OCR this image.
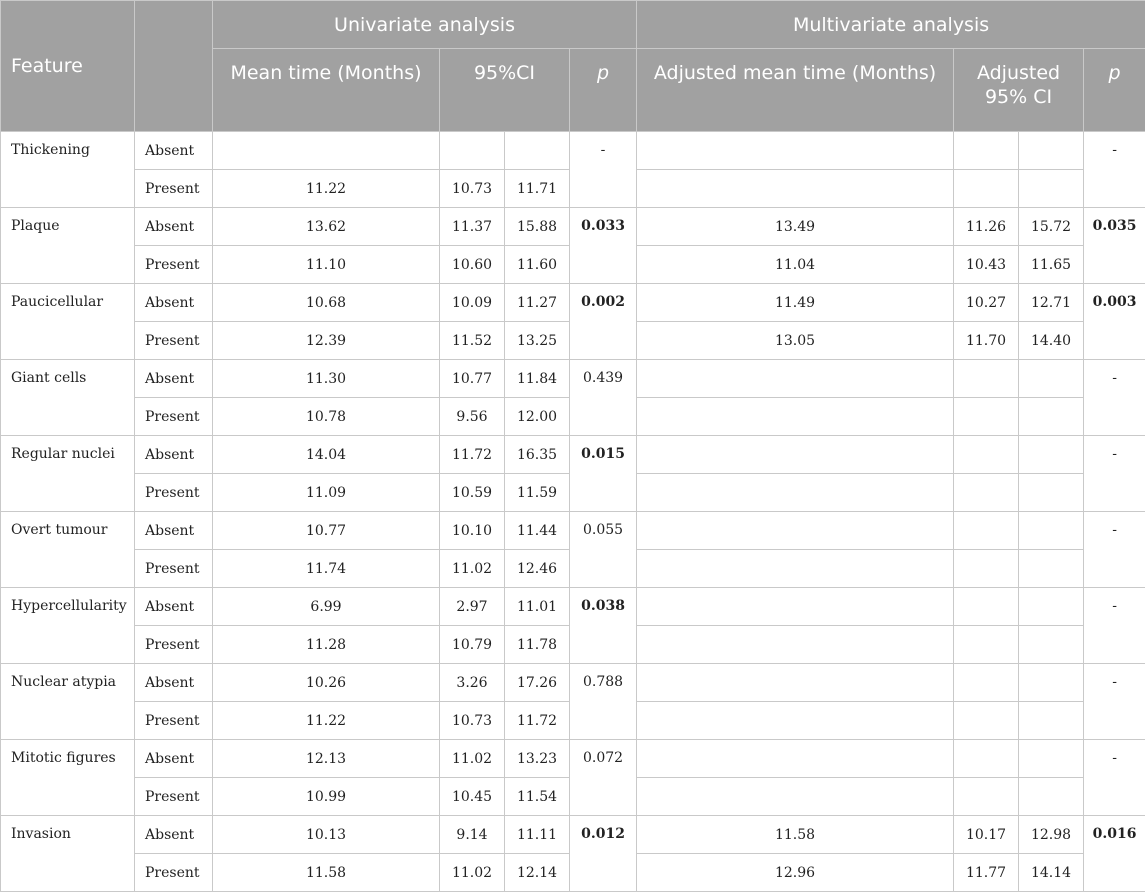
Feature		Univariate analysis				Multivariate analysis			
		Mean time (Months)	95%CI		p	Adjusted mean time (Months)	Adjusted 95% CI		p
Thickening	Absent				-				-
	Present	11.22	10.73	11.71					
Plaque	Absent	13.62	11.37	15.88	0.033	13.49	11.26	15.72	0.035
	Present	11.10	10.60	11.60		11.04	10.43	11.65	
Paucicellular	Absent	10.68	10.09	11.27	0.002	11.49	10.27	12.71	0.003
	Present	12.39	11.52	13.25		13.05	11.70	14.40	
Giant cells	Absent	11.30	10.77	11.84	0.439				-
	Present	10.78	9.56	12.00					
Regular nuclei	Absent	14.04	11.72	16.35	0.015				-
	Present	11.09	10.59	11.59					
Overt tumour	Absent	10.77	10.10	11.44	0.055				-
	Present	11.74	11.02	12.46					
Hypercellularity	Absent	6.99	2.97	11.01	0.038				-
	Present	11.28	10.79	11.78					
Nuclear atypia	Absent	10.26	3.26	17.26	0.788				-
	Present	11.22	10.73	11.72					
Mitotic figures	Absent	12.13	11.02	13.23	0.072				-
	Present	10.99	10.45	11.54					
Invasion	Absent	10.13	9.14	11.11	0.012	11.58	10.17	12.98	0.016
	Present	11.58	11.02	12.14		12.96	11.77	14.14	
